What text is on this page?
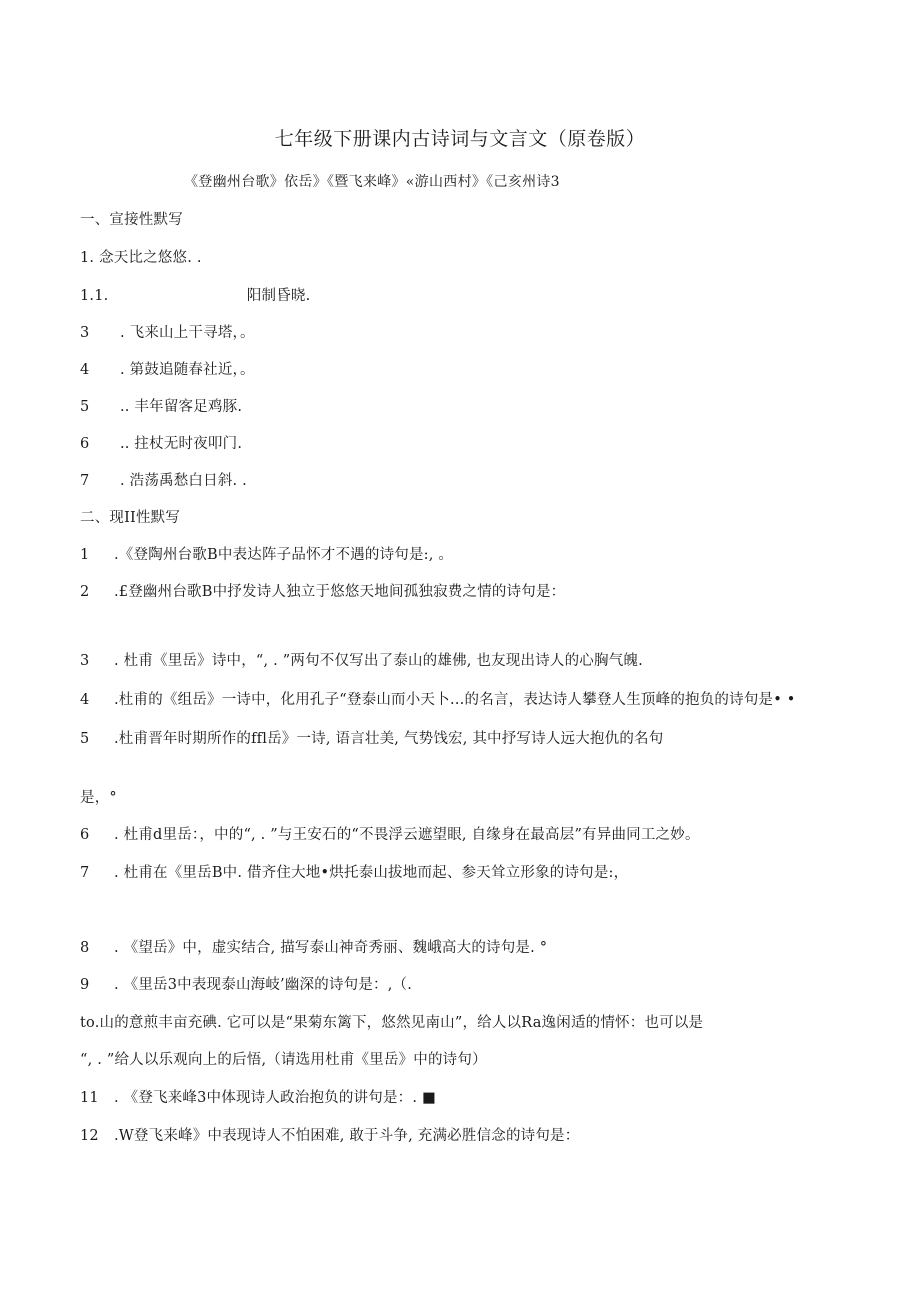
七年级下册课内古诗词与文言文（原卷版）
《登幽州台歌》依岳》《暨飞来峰》«游山西村》《己亥州诗3
一、宣接性默写
1. 念天比之悠悠. .
1.1.	阳制昏晓.
3 . 飞来山上干寻塔，。
4 . 第鼓追随春社近，。
5 .. 丰年留客足鸡豚.
6 .. 拄杖无时夜叩门.
7 . 浩荡禹愁白日斜. .
二、现II性默写
1 .《登陶州台歌B中表达阵子品怀才不遇的诗句是:, 。
2 .£登幽州台歌B中抒发诗人独立于悠悠天地间孤独寂费之情的诗句是：
3 . 杜甫《里岳》诗中，“, . ”两句不仅写出了泰山的雄佛, 也友现出诗人的心胸气魄.
4 .杜甫的《组岳》一诗中，化用孔子“登泰山而小天卜…的名言，表达诗人攀登人生顶峰的抱负的诗句是• •
5 .杜甫晋年时期所作的ffl岳》一诗, 语言壮美, 气势饯宏, 其中抒写诗人远大抱仇的名句
是，°
6 . 杜甫d里岳：，中的“, . ”与王安石的“不畏浮云遮望眼, 自缘身在最高层”有异曲同工之妙。
7 . 杜甫在《里岳B中. 借齐住大地•烘托泰山拔地而起、参天耸立形象的诗句是:，
8 . 《望岳》中，虚实结合, 描写泰山神奇秀丽、魏峨高大的诗句是. °
9 . 《里岳3中表现泰山海岐’幽深的诗句是：,（.
to.山的意煎丰亩充碘. 它可以是“果菊东篱下，悠然见南山”，给人以Ra逸闲适的情怀：也可以是
“, . ”给人以乐观向上的后悟,（请选用杜甫《里岳》中的诗句）
11 . 《登飞来峰3中体现诗人政治抱负的讲句是：. ■
12 .W登飞来峰》中表现诗人不怕困难, 敢于斗争, 充满必胜信念的诗句是：
